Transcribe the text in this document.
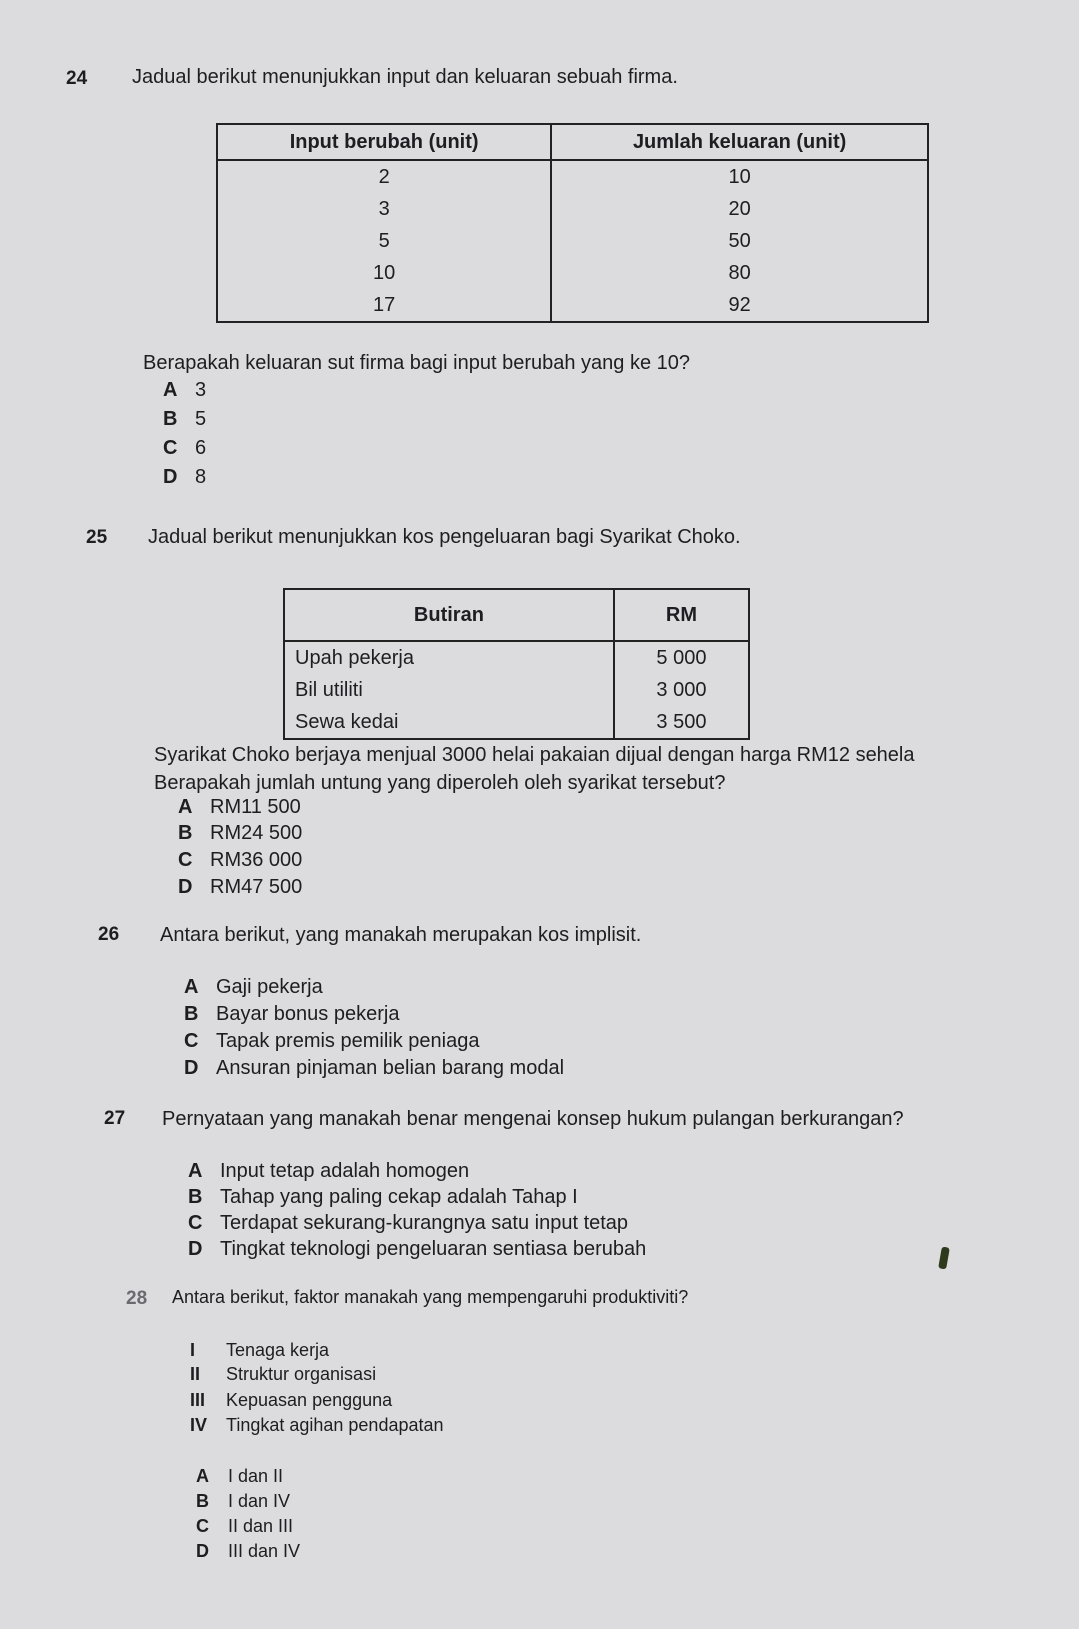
24 Jadual berikut menunjukkan input dan keluaran sebuah firma.
Input berubah (unit)	Jumlah keluaran (unit)
2	10
3	20
5	50
10	80
17	92
Berapakah keluaran sut firma bagi input berubah yang ke 10?
A 3
B 5
C 6
D 8
25 Jadual berikut menunjukkan kos pengeluaran bagi Syarikat Choko.
Butiran	RM
Upah pekerja	5 000
Bil utiliti	3 000
Sewa kedai	3 500
Syarikat Choko berjaya menjual 3000 helai pakaian dijual dengan harga RM12 sehela
Berapakah jumlah untung yang diperoleh oleh syarikat tersebut?
A RM11 500
B RM24 500
C RM36 000
D RM47 500
26 Antara berikut, yang manakah merupakan kos implisit.
A Gaji pekerja
B Bayar bonus pekerja
C Tapak premis pemilik peniaga
D Ansuran pinjaman belian barang modal
27 Pernyataan yang manakah benar mengenai konsep hukum pulangan berkurangan?
A Input tetap adalah homogen
B Tahap yang paling cekap adalah Tahap I
C Terdapat sekurang-kurangnya satu input tetap
D Tingkat teknologi pengeluaran sentiasa berubah
28 Antara berikut, faktor manakah yang mempengaruhi produktiviti?
I Tenaga kerja
II Struktur organisasi
III Kepuasan pengguna
IV Tingkat agihan pendapatan
A I dan II
B I dan IV
C II dan III
D III dan IV
